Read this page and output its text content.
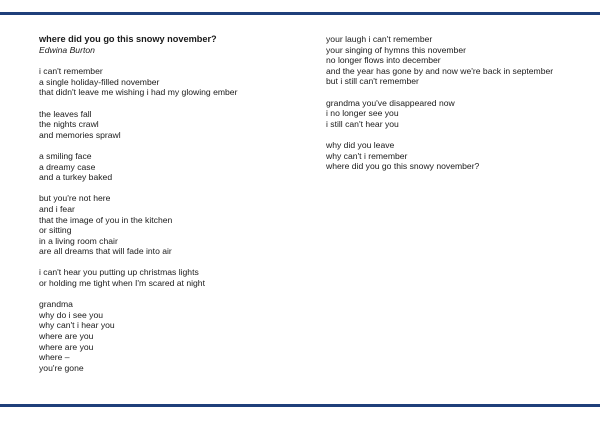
where did you go this snowy november?

Edwina Burton

i can't remember
a single holiday-filled november
that didn't leave me wishing i had my glowing ember
the leaves fall
the nights crawl
and memories sprawl
a smiling face
a dreamy case
and a turkey baked
but you're not here
and i fear
that the image of you in the kitchen
or sitting
in a living room chair
are all dreams that will fade into air
i can't hear you putting up christmas lights
or holding me tight when I'm scared at night
grandma
why do i see you
why can't i hear you
where are you
where are you
where –
you're gone
your laugh i can't remember
your singing of hymns this november
no longer flows into december
and the year has gone by and now we're back in september
but i still can't remember
grandma you've disappeared now
i no longer see you
i still can't hear you
why did you leave
why can't i remember
where did you go this snowy november?
